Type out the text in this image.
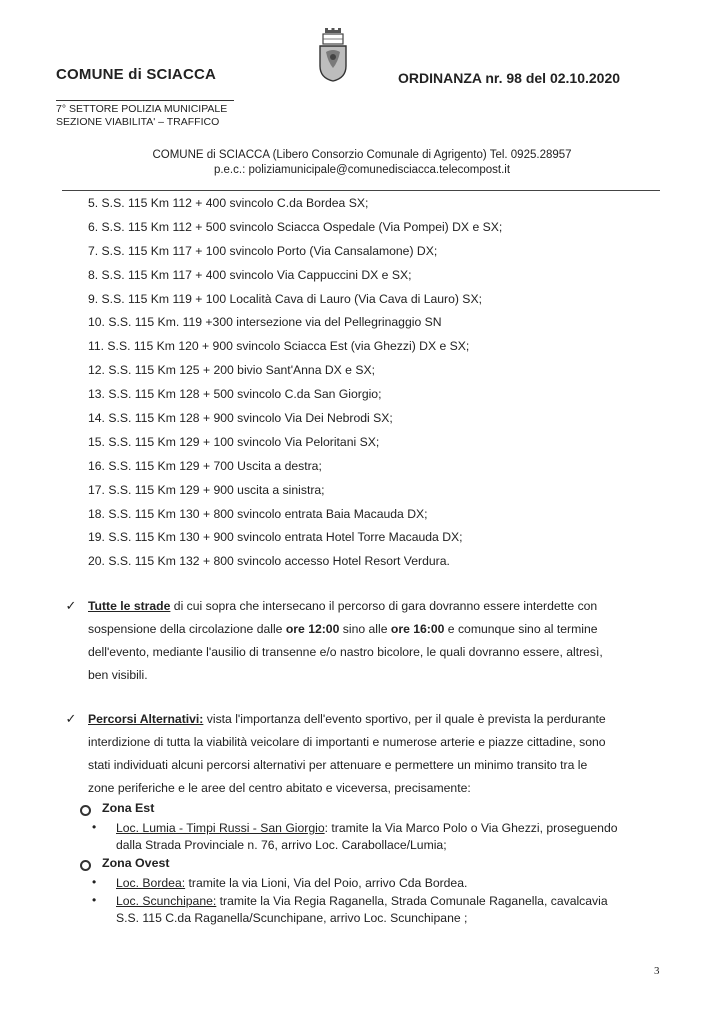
COMUNE di SCIACCA	ORDINANZA nr. 98 del 02.10.2020
7° SETTORE POLIZIA MUNICIPALE
SEZIONE VIABILITA' – TRAFFICO
COMUNE di SCIACCA (Libero Consorzio Comunale di Agrigento) Tel. 0925.28957
p.e.c.: poliziamunicipale@comunedisciacca.telecompost.it
5. S.S. 115 Km 112 + 400 svincolo C.da Bordea SX;
6. S.S. 115 Km 112 + 500 svincolo Sciacca Ospedale (Via Pompei) DX e SX;
7. S.S. 115 Km 117 + 100 svincolo Porto (Via Cansalamone) DX;
8. S.S. 115 Km 117 + 400 svincolo Via Cappuccini DX e SX;
9. S.S. 115 Km 119 + 100 Località Cava di Lauro (Via Cava di Lauro) SX;
10. S.S. 115 Km. 119 +300 intersezione via del Pellegrinaggio SN
11. S.S. 115 Km 120 + 900 svincolo Sciacca Est (via Ghezzi) DX e SX;
12. S.S. 115 Km 125 + 200 bivio Sant'Anna DX e SX;
13. S.S. 115 Km 128 + 500 svincolo C.da San Giorgio;
14. S.S. 115 Km 128 + 900 svincolo Via Dei Nebrodi SX;
15. S.S. 115 Km 129 + 100 svincolo Via Peloritani SX;
16. S.S. 115 Km 129 + 700 Uscita a destra;
17. S.S. 115 Km 129 + 900 uscita a sinistra;
18. S.S. 115 Km 130 + 800 svincolo entrata Baia Macauda DX;
19. S.S. 115 Km 130 + 900 svincolo entrata Hotel Torre Macauda DX;
20. S.S. 115 Km 132 + 800 svincolo accesso Hotel Resort Verdura.
✓ Tutte le strade di cui sopra che intersecano il percorso di gara dovranno essere interdette con
sospensione della circolazione dalle ore 12:00 sino alle ore 16:00 e comunque sino al termine
dell'evento, mediante l'ausilio di transenne e/o nastro bicolore, le quali dovranno essere, altresì,
ben visibili.
✓ Percorsi Alternativi: vista l'importanza dell'evento sportivo, per il quale è prevista la perdurante
interdizione di tutta la viabilità veicolare di importanti e numerose arterie e piazze cittadine, sono
stati individuati alcuni percorsi alternativi per attenuare e permettere un minimo transito tra le
zone periferiche e le aree del centro abitato e viceversa, precisamente:
Zona Est
• Loc. Lumia - Timpi Russi - San Giorgio: tramite la Via Marco Polo o Via Ghezzi, proseguendo
dalla Strada Provinciale n. 76, arrivo Loc. Carabollace/Lumia;
Zona Ovest
• Loc. Bordea: tramite la via Lioni, Via del Poio, arrivo Cda Bordea.
• Loc. Scunchipane: tramite la Via Regia Raganella, Strada Comunale Raganella, cavalcavia
S.S. 115 C.da Raganella/Scunchipane, arrivo Loc. Scunchipane ;
3
